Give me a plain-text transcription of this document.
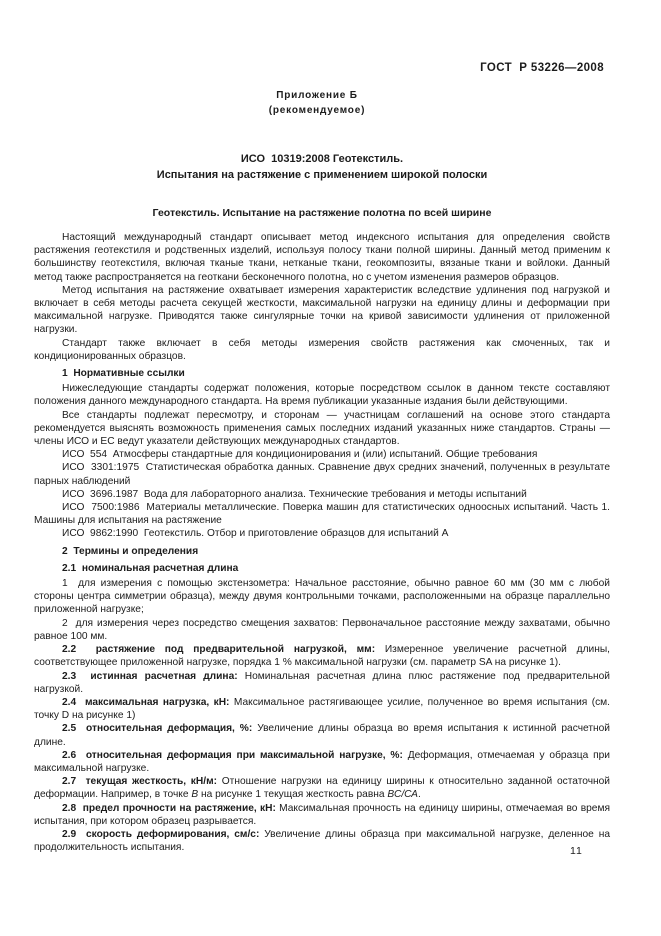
ГОСТ  Р 53226—2008
Приложение Б
(рекомендуемое)
ИСО  10319:2008 Геотекстиль.
Испытания на растяжение с применением широкой полоски
Геотекстиль. Испытание на растяжение полотна по всей ширине

Настоящий международный стандарт описывает метод индексного испытания для определения свойств растяжения геотекстиля и родственных изделий, используя полосу ткани полной ширины. Данный метод применим к большинству геотекстиля, включая тканые ткани, нетканые ткани, геокомпозиты, вязаные ткани и войлоки. Данный метод также распространяется на геоткани бесконечного полотна, но с учетом изменения размеров образцов.

Метод испытания на растяжение охватывает измерения характеристик вследствие удлинения под нагрузкой и включает в себя методы расчета секущей жесткости, максимальной нагрузки на единицу длины и деформации при максимальной нагрузке. Приводятся также сингулярные точки на кривой зависимости удлинения от приложенной нагрузки.

Стандарт также включает в себя методы измерения свойств растяжения как смоченных, так и кондиционированных образцов.

1  Нормативные ссылки

Нижеследующие стандарты содержат положения, которые посредством ссылок в данном тексте составляют положения данного международного стандарта. На время публикации указанные издания были действующими.

Все стандарты подлежат пересмотру, и сторонам — участницам соглашений на основе этого стандарта рекомендуется выяснять возможность применения самых последних изданий указанных ниже стандартов. Страны — члены ИСО и ЕС ведут указатели действующих международных стандартов.

ИСО  554  Атмосферы стандартные для кондиционирования и (или) испытаний. Общие требования

ИСО  3301:1975  Статистическая обработка данных. Сравнение двух средних значений, полученных в результате парных наблюдений

ИСО  3696.1987  Вода для лабораторного анализа. Технические требования и методы испытаний

ИСО  7500:1986  Материалы металлические. Поверка машин для статистических одноосных испытаний. Часть 1. Машины для испытания на растяжение

ИСО  9862:1990  Геотекстиль. Отбор и приготовление образцов для испытаний А

2  Термины и определения

2.1  номинальная расчетная длина

1  для измерения с помощью экстензометра: Начальное расстояние, обычно равное 60 мм (30 мм с любой стороны центра симметрии образца), между двумя контрольными точками, расположенными на образце параллельно приложенной нагрузке;

2  для измерения через посредство смещения захватов: Первоначальное расстояние между захватами, обычно равное 100 мм.

2.2  растяжение под предварительной нагрузкой, мм: Измеренное увеличение расчетной длины, соответствующее приложенной нагрузке, порядка 1 % максимальной нагрузки (см. параметр SA на рисунке 1).

2.3  истинная расчетная длина: Номинальная расчетная длина плюс растяжение под предварительной нагрузкой.

2.4  максимальная нагрузка, кН: Максимальное растягивающее усилие, полученное во время испытания (см. точку D на рисунке 1)

2.5  относительная деформация, %: Увеличение длины образца во время испытания к истинной расчетной длине.

2.6  относительная деформация при максимальной нагрузке, %: Деформация, отмечаемая у образца при максимальной нагрузке.

2.7  текущая жесткость, кН/м: Отношение нагрузки на единицу ширины к относительно заданной остаточной деформации. Например, в точке В на рисунке 1 текущая жесткость равна ВС/СА.

2.8  предел прочности на растяжение, кН: Максимальная прочность на единицу ширины, отмечаемая во время испытания, при котором образец разрывается.

2.9  скорость деформирования, см/с: Увеличение длины образца при максимальной нагрузке, деленное на продолжительность испытания.	11
